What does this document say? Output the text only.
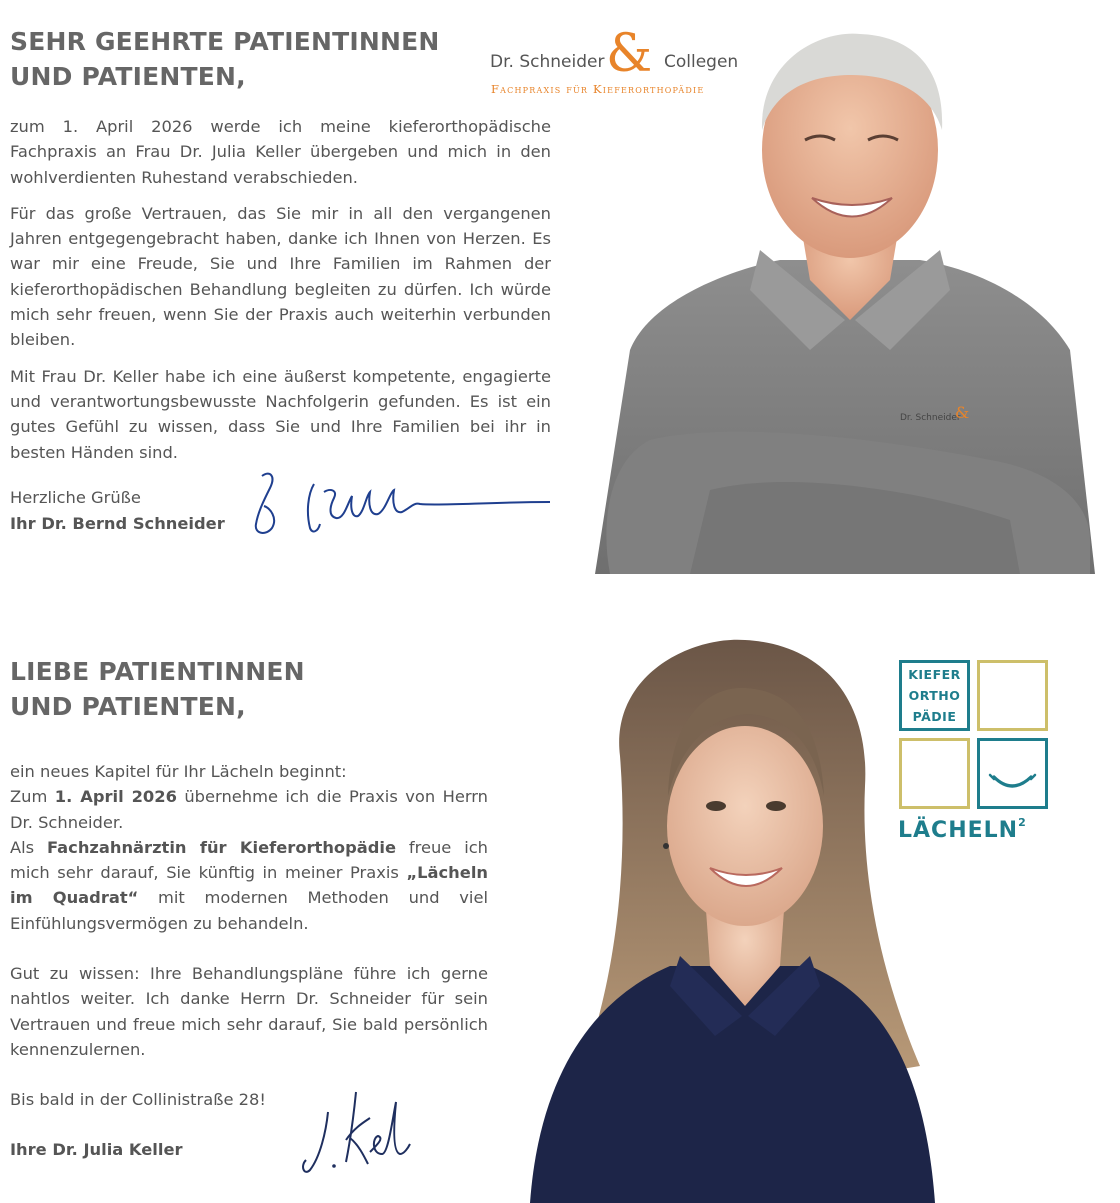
SEHR GEEHRTE PATIENTINNEN
UND PATIENTEN,	Dr. Schneider & Collegen
Fachpraxis für Kieferorthopädie

zum 1. April 2026 werde ich meine kieferorthopädische Fachpraxis an Frau Dr. Julia Keller übergeben und mich in den wohlverdienten Ruhestand verabschieden.

Für das große Vertrauen, das Sie mir in all den vergangenen Jahren entgegengebracht haben, danke ich Ihnen von Herzen. Es war mir eine Freude, Sie und Ihre Familien im Rahmen der kieferorthopädischen Behandlung begleiten zu dürfen. Ich würde mich sehr freuen, wenn Sie der Praxis auch weiterhin verbunden bleiben.

Mit Frau Dr. Keller habe ich eine äußerst kompetente, engagierte und verantwortungsbewusste Nachfolgerin gefunden. Es ist ein gutes Gefühl zu wissen, dass Sie und Ihre Familien bei ihr in besten Händen sind.

Herzliche Grüße
Ihr Dr. Bernd Schneider
Dr. Schneider
&
LIEBE PATIENTINNEN
UND PATIENTEN,
ein neues Kapitel für Ihr Lächeln beginnt:
Zum 1. April 2026 übernehme ich die Praxis von Herrn Dr. Schneider.
Als Fachzahnärztin für Kieferorthopädie freue ich mich sehr darauf, Sie künftig in meiner Praxis „Lächeln im Quadrat“ mit modernen Methoden und viel Einfühlungsvermögen zu behandeln.
Gut zu wissen: Ihre Behandlungspläne führe ich gerne nahtlos weiter. Ich danke Herrn Dr. Schneider für sein Vertrauen und freue mich sehr darauf, Sie bald persönlich kennenzulernen.
Bis bald in der Collinistraße 28!
Ihre Dr. Julia Keller
KIEFER
ORTHO
PÄDIE
LÄCHELN$^2$
